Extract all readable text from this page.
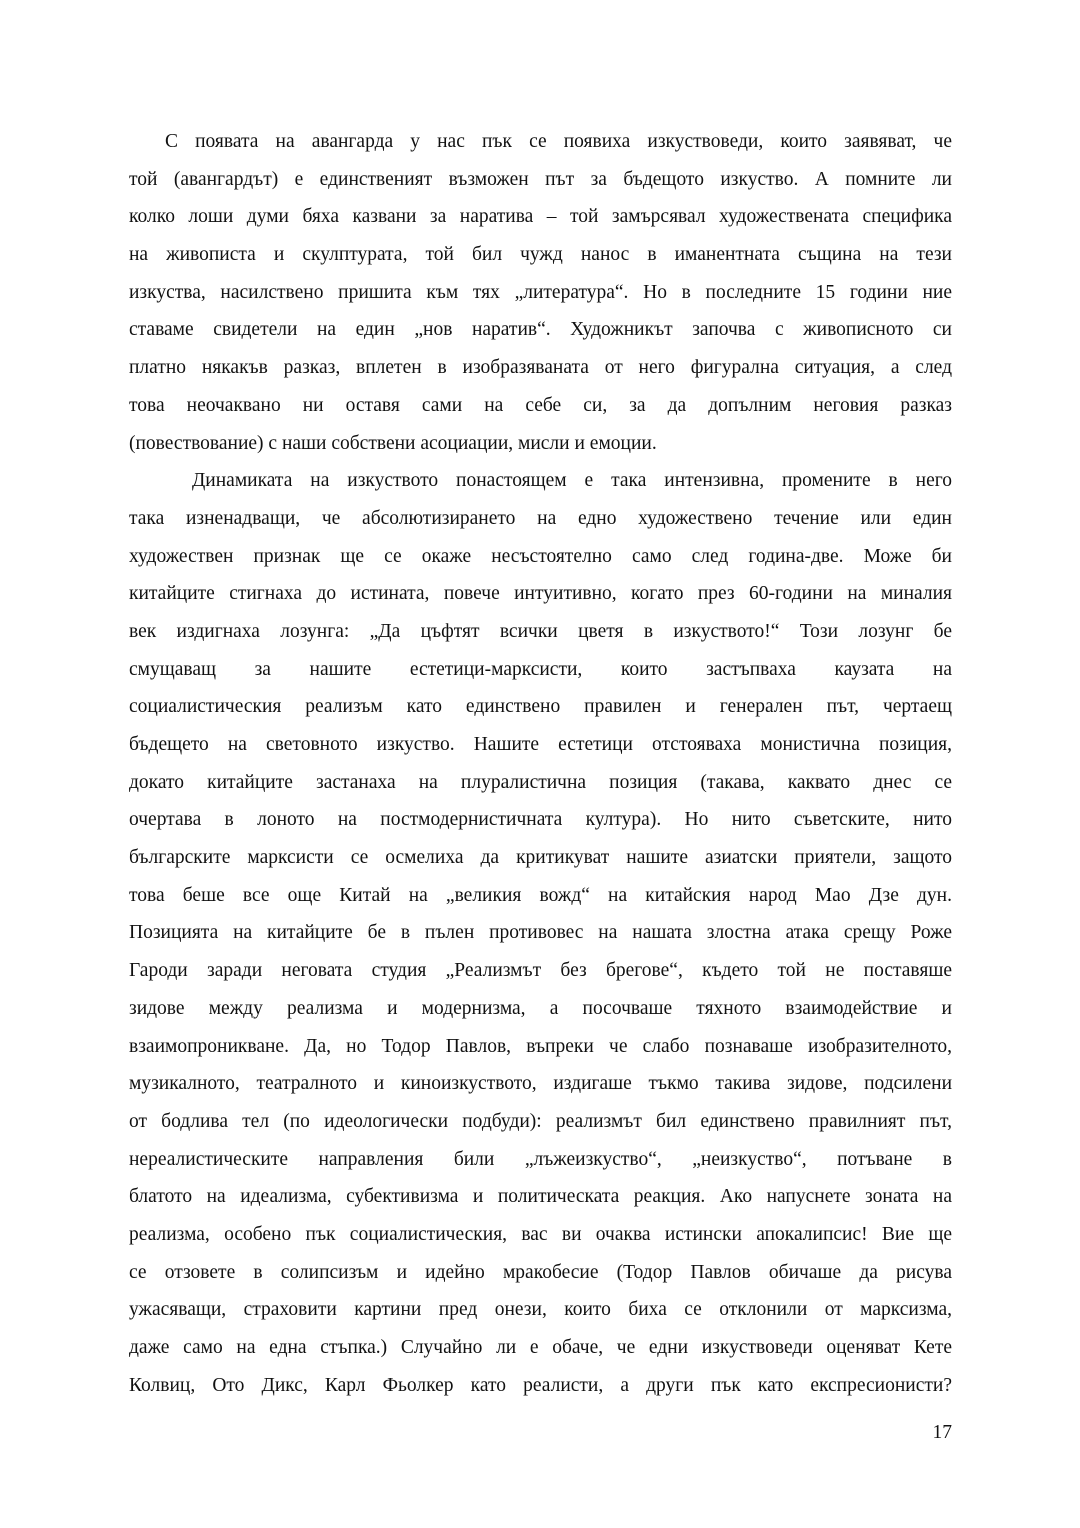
С появата на авангарда у нас пък се появиха изкуствоведи, които заявяват, че
той (авангардът) е единственият възможен път за бъдещото изкуство. А помните ли
колко лоши думи бяха казвани за наратива – той замърсявал художествената специфика
на живописта и скулптурата, той бил чужд нанос в иманентната същина на тези
изкуства, насилствено пришита към тях „литература“. Но в последните 15 години ние
ставаме свидетели на един „нов наратив“. Художникът започва с живописното си
платно някакъв разказ, вплетен в изобразяваната от него фигурална ситуация, а след
това неочаквано ни оставя сами на себе си, за да допълним неговия разказ
(повествование) с наши собствени асоциации, мисли и емоции.
Динамиката на изкуството понастоящем е така интензивна, промените в него
така изненадващи, че абсолютизирането на едно художествено течение или един
художествен признак ще се окаже несъстоятелно само след година-две. Може би
китайците стигнаха до истината, повече интуитивно, когато през 60-години на миналия
век издигнаха лозунга: „Да цъфтят всички цветя в изкуството!“ Този лозунг бе
смущаващ за нашите естетици-марксисти, които застъпваха каузата на
социалистическия реализъм като единствено правилен и генерален път, чертаещ
бъдещето на световното изкуство. Нашите естетици отстояваха монистична позиция,
докато китайците застанаха на плуралистична позиция (такава, каквато днес се
очертава в лоното на постмодернистичната култура). Но нито съветските, нито
българските марксисти се осмелиха да критикуват нашите азиатски приятели, защото
това беше все още Китай на „великия вожд“ на китайския народ Мао Дзе дун.
Позицията на китайците бе в пълен противовес на нашата злостна атака срещу Роже
Гароди заради неговата студия „Реализмът без брегове“, където той не поставяше
зидове между реализма и модернизма, а посочваше тяхното взаимодействие и
взаимопроникване. Да, но Тодор Павлов, въпреки че слабо познаваше изобразителното,
музикалното, театралното и киноизкуството, издигаше тъкмо такива зидове, подсилени
от бодлива тел (по идеологически подбуди): реализмът бил единствено правилният път,
нереалистическите направления били „лъжеизкуство“, „неизкуство“, потъване в
блатото на идеализма, субективизма и политическата реакция. Ако напуснете зоната на
реализма, особено пък социалистическия, вас ви очаква истински апокалипсис! Вие ще
се отзовете в солипсизъм и идейно мракобесие (Тодор Павлов обичаше да рисува
ужасяващи, страховити картини пред онези, които биха се отклонили от марксизма,
даже само на една стъпка.) Случайно ли е обаче, че едни изкуствоведи оценяват Кете
Колвиц, Ото Дикс, Карл Фьолкер като реалисти, а други пък като експресионисти?
17
